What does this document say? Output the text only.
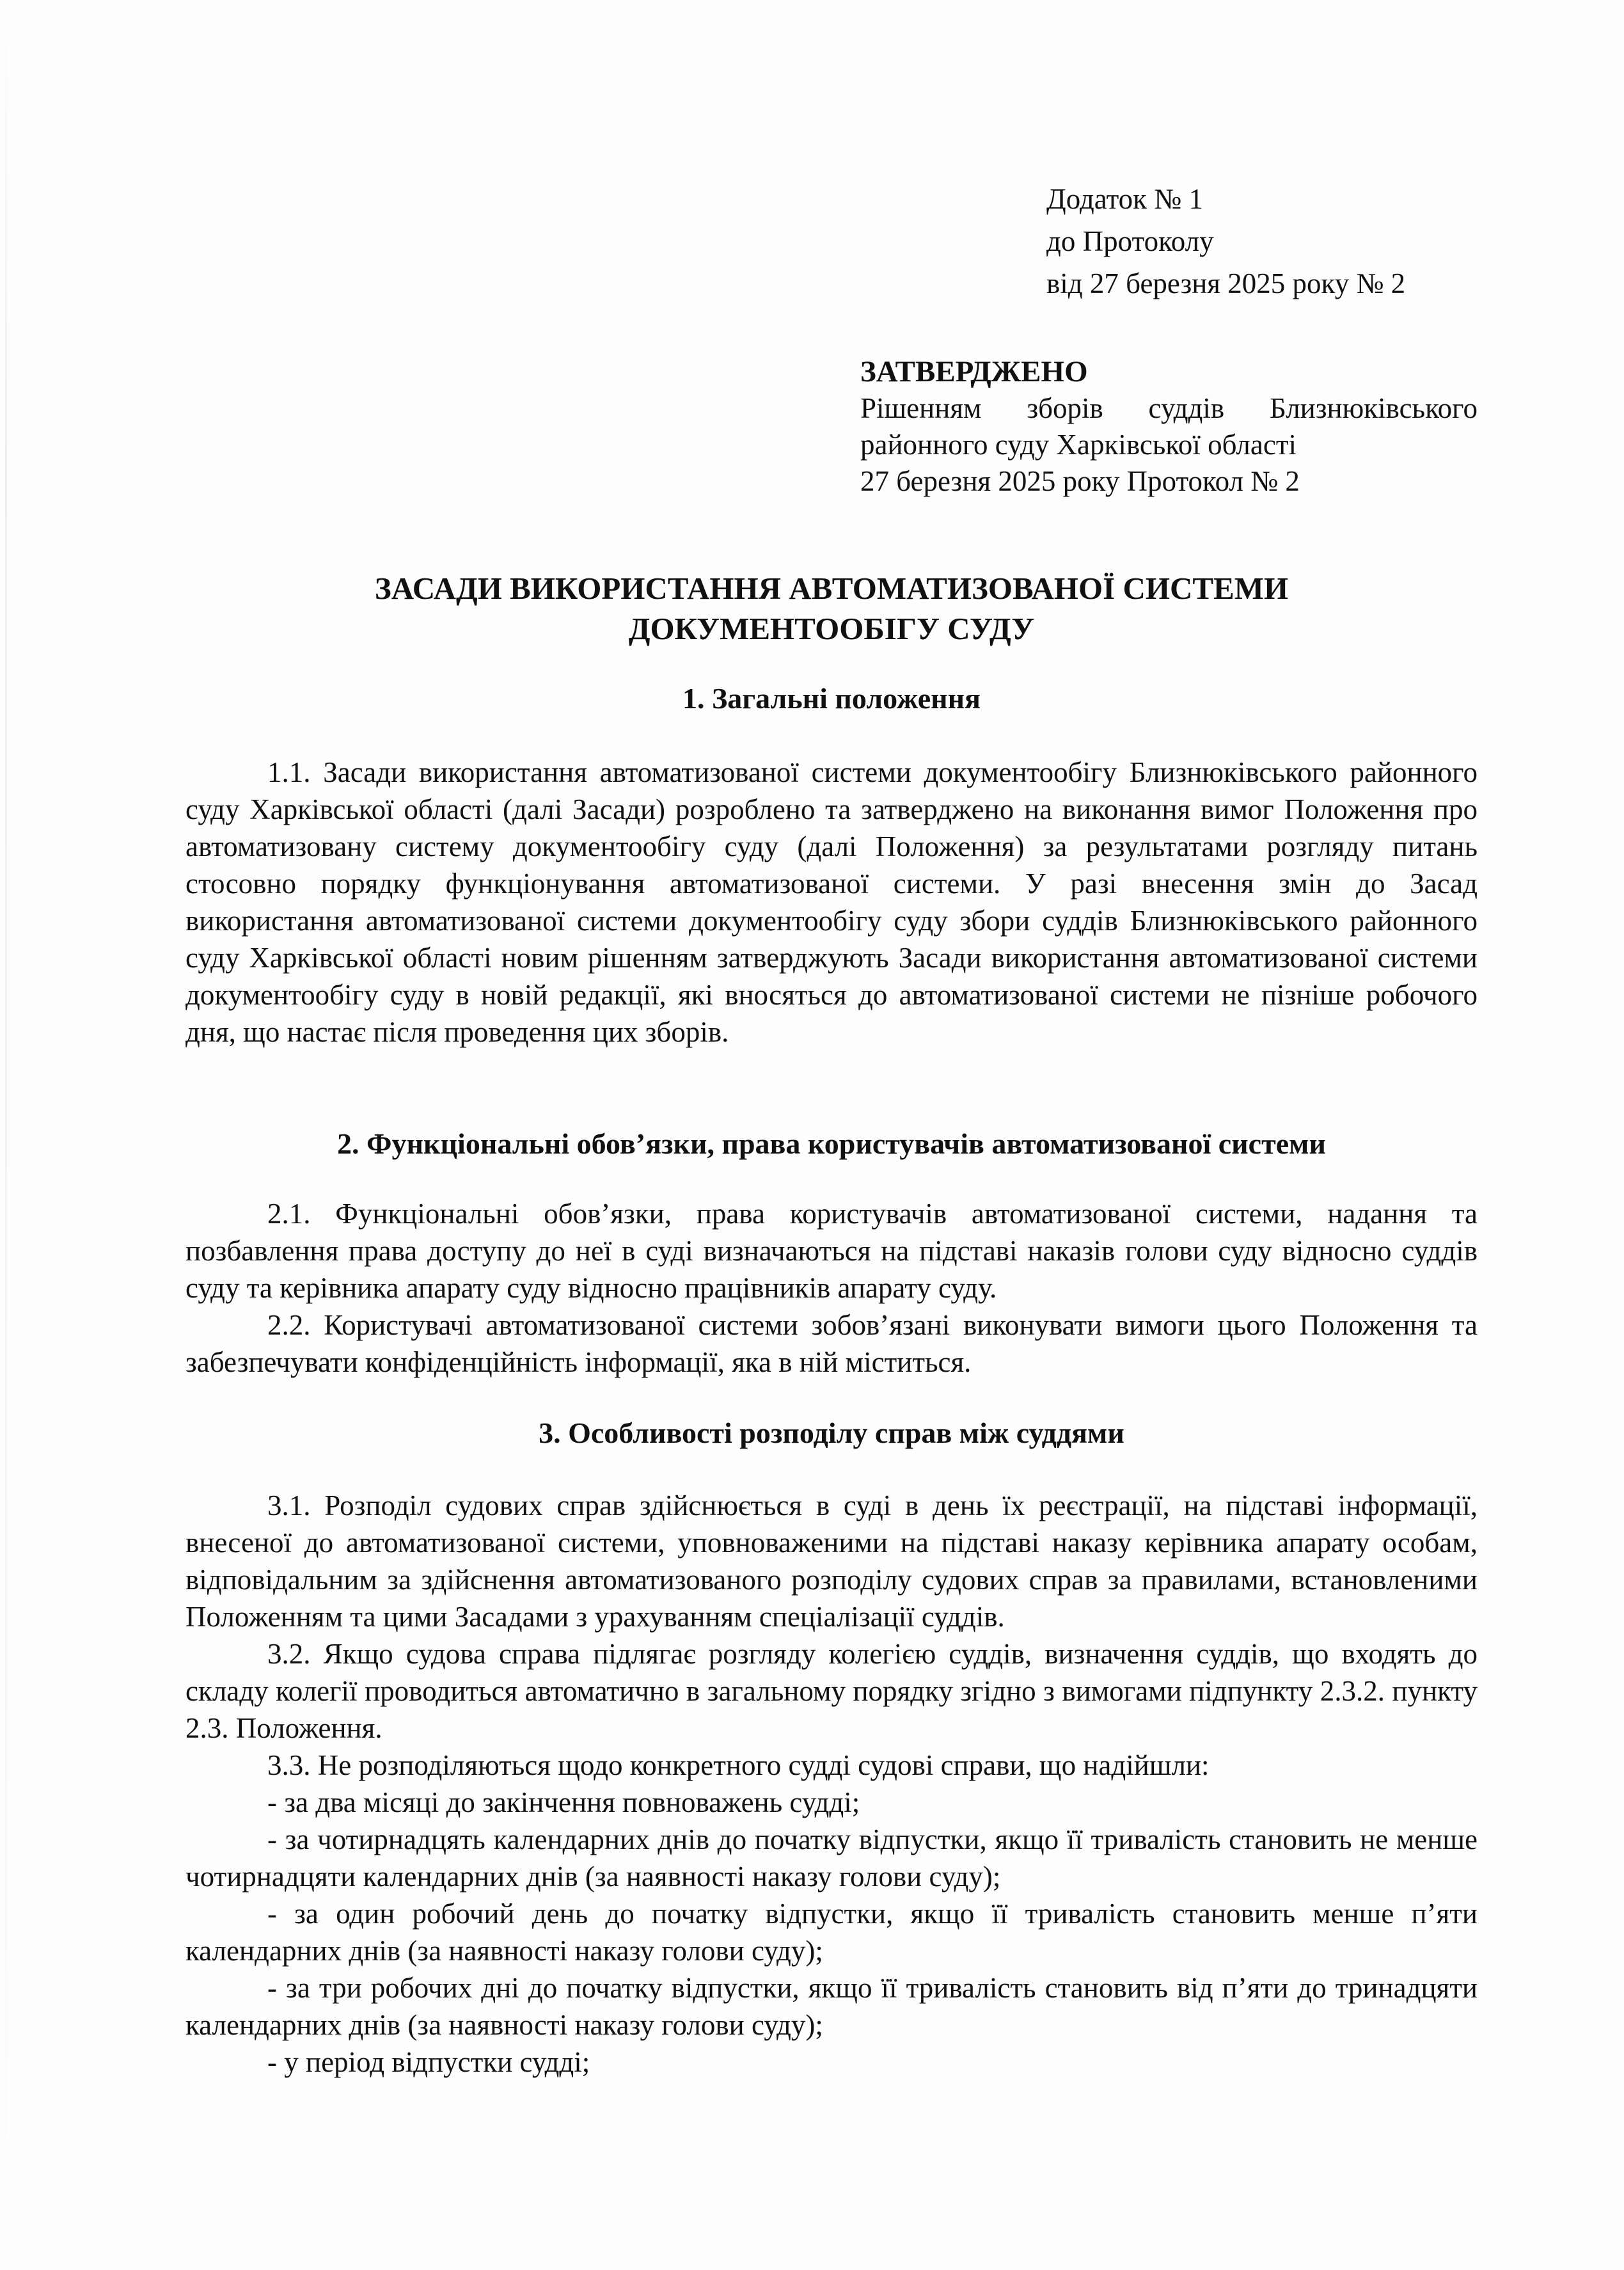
Додаток № 1
до Протоколу
від 27 березня 2025 року № 2
ЗАТВЕРДЖЕНО
Рішенням зборів суддів Близнюківського
районного суду Харківської області
27 березня 2025 року Протокол № 2
ЗАСАДИ ВИКОРИСТАННЯ АВТОМАТИЗОВАНОЇ СИСТЕМИ
ДОКУМЕНТООБІГУ СУДУ
1. Загальні положення

1.1. Засади використання автоматизованої системи документообігу Близнюківського районного суду Харківської області (далі Засади) розроблено та затверджено на виконання вимог Положення про автоматизовану систему документообігу суду (далі Положення) за результатами розгляду питань стосовно порядку функціонування автоматизованої системи. У разі внесення змін до Засад використання автоматизованої системи документообігу суду збори суддів Близнюківського районного суду Харківської області новим рішенням затверджують Засади використання автоматизованої системи документообігу суду в новій редакції, які вносяться до автоматизованої системи не пізніше робочого дня, що настає після проведення цих зборів.

2. Функціональні обов’язки, права користувачів автоматизованої системи

2.1. Функціональні обов’язки, права користувачів автоматизованої системи, надання та позбавлення права доступу до неї в суді визначаються на підставі наказів голови суду відносно суддів суду та керівника апарату суду відносно працівників апарату суду.

2.2. Користувачі автоматизованої системи зобов’язані виконувати вимоги цього Положення та забезпечувати конфіденційність інформації, яка в ній міститься.

3. Особливості розподілу справ між суддями

3.1. Розподіл судових справ здійснюється в суді в день їх реєстрації, на підставі інформації, внесеної до автоматизованої системи, уповноваженими на підставі наказу керівника апарату особам, відповідальним за здійснення автоматизованого розподілу судових справ за правилами, встановленими Положенням та цими Засадами з урахуванням спеціалізації суддів.

3.2. Якщо судова справа підлягає розгляду колегією суддів, визначення суддів, що входять до складу колегії проводиться автоматично в загальному порядку згідно з вимогами підпункту 2.3.2. пункту 2.3. Положення.

3.3. Не розподіляються щодо конкретного судді судові справи, що надійшли:

- за два місяці до закінчення повноважень судді;

- за чотирнадцять календарних днів до початку відпустки, якщо її тривалість становить не менше чотирнадцяти календарних днів (за наявності наказу голови суду);

- за один робочий день до початку відпустки, якщо її тривалість становить менше п’яти календарних днів (за наявності наказу голови суду);

- за три робочих дні до початку відпустки, якщо її тривалість становить від п’яти до тринадцяти календарних днів (за наявності наказу голови суду);

- у період відпустки судді;
